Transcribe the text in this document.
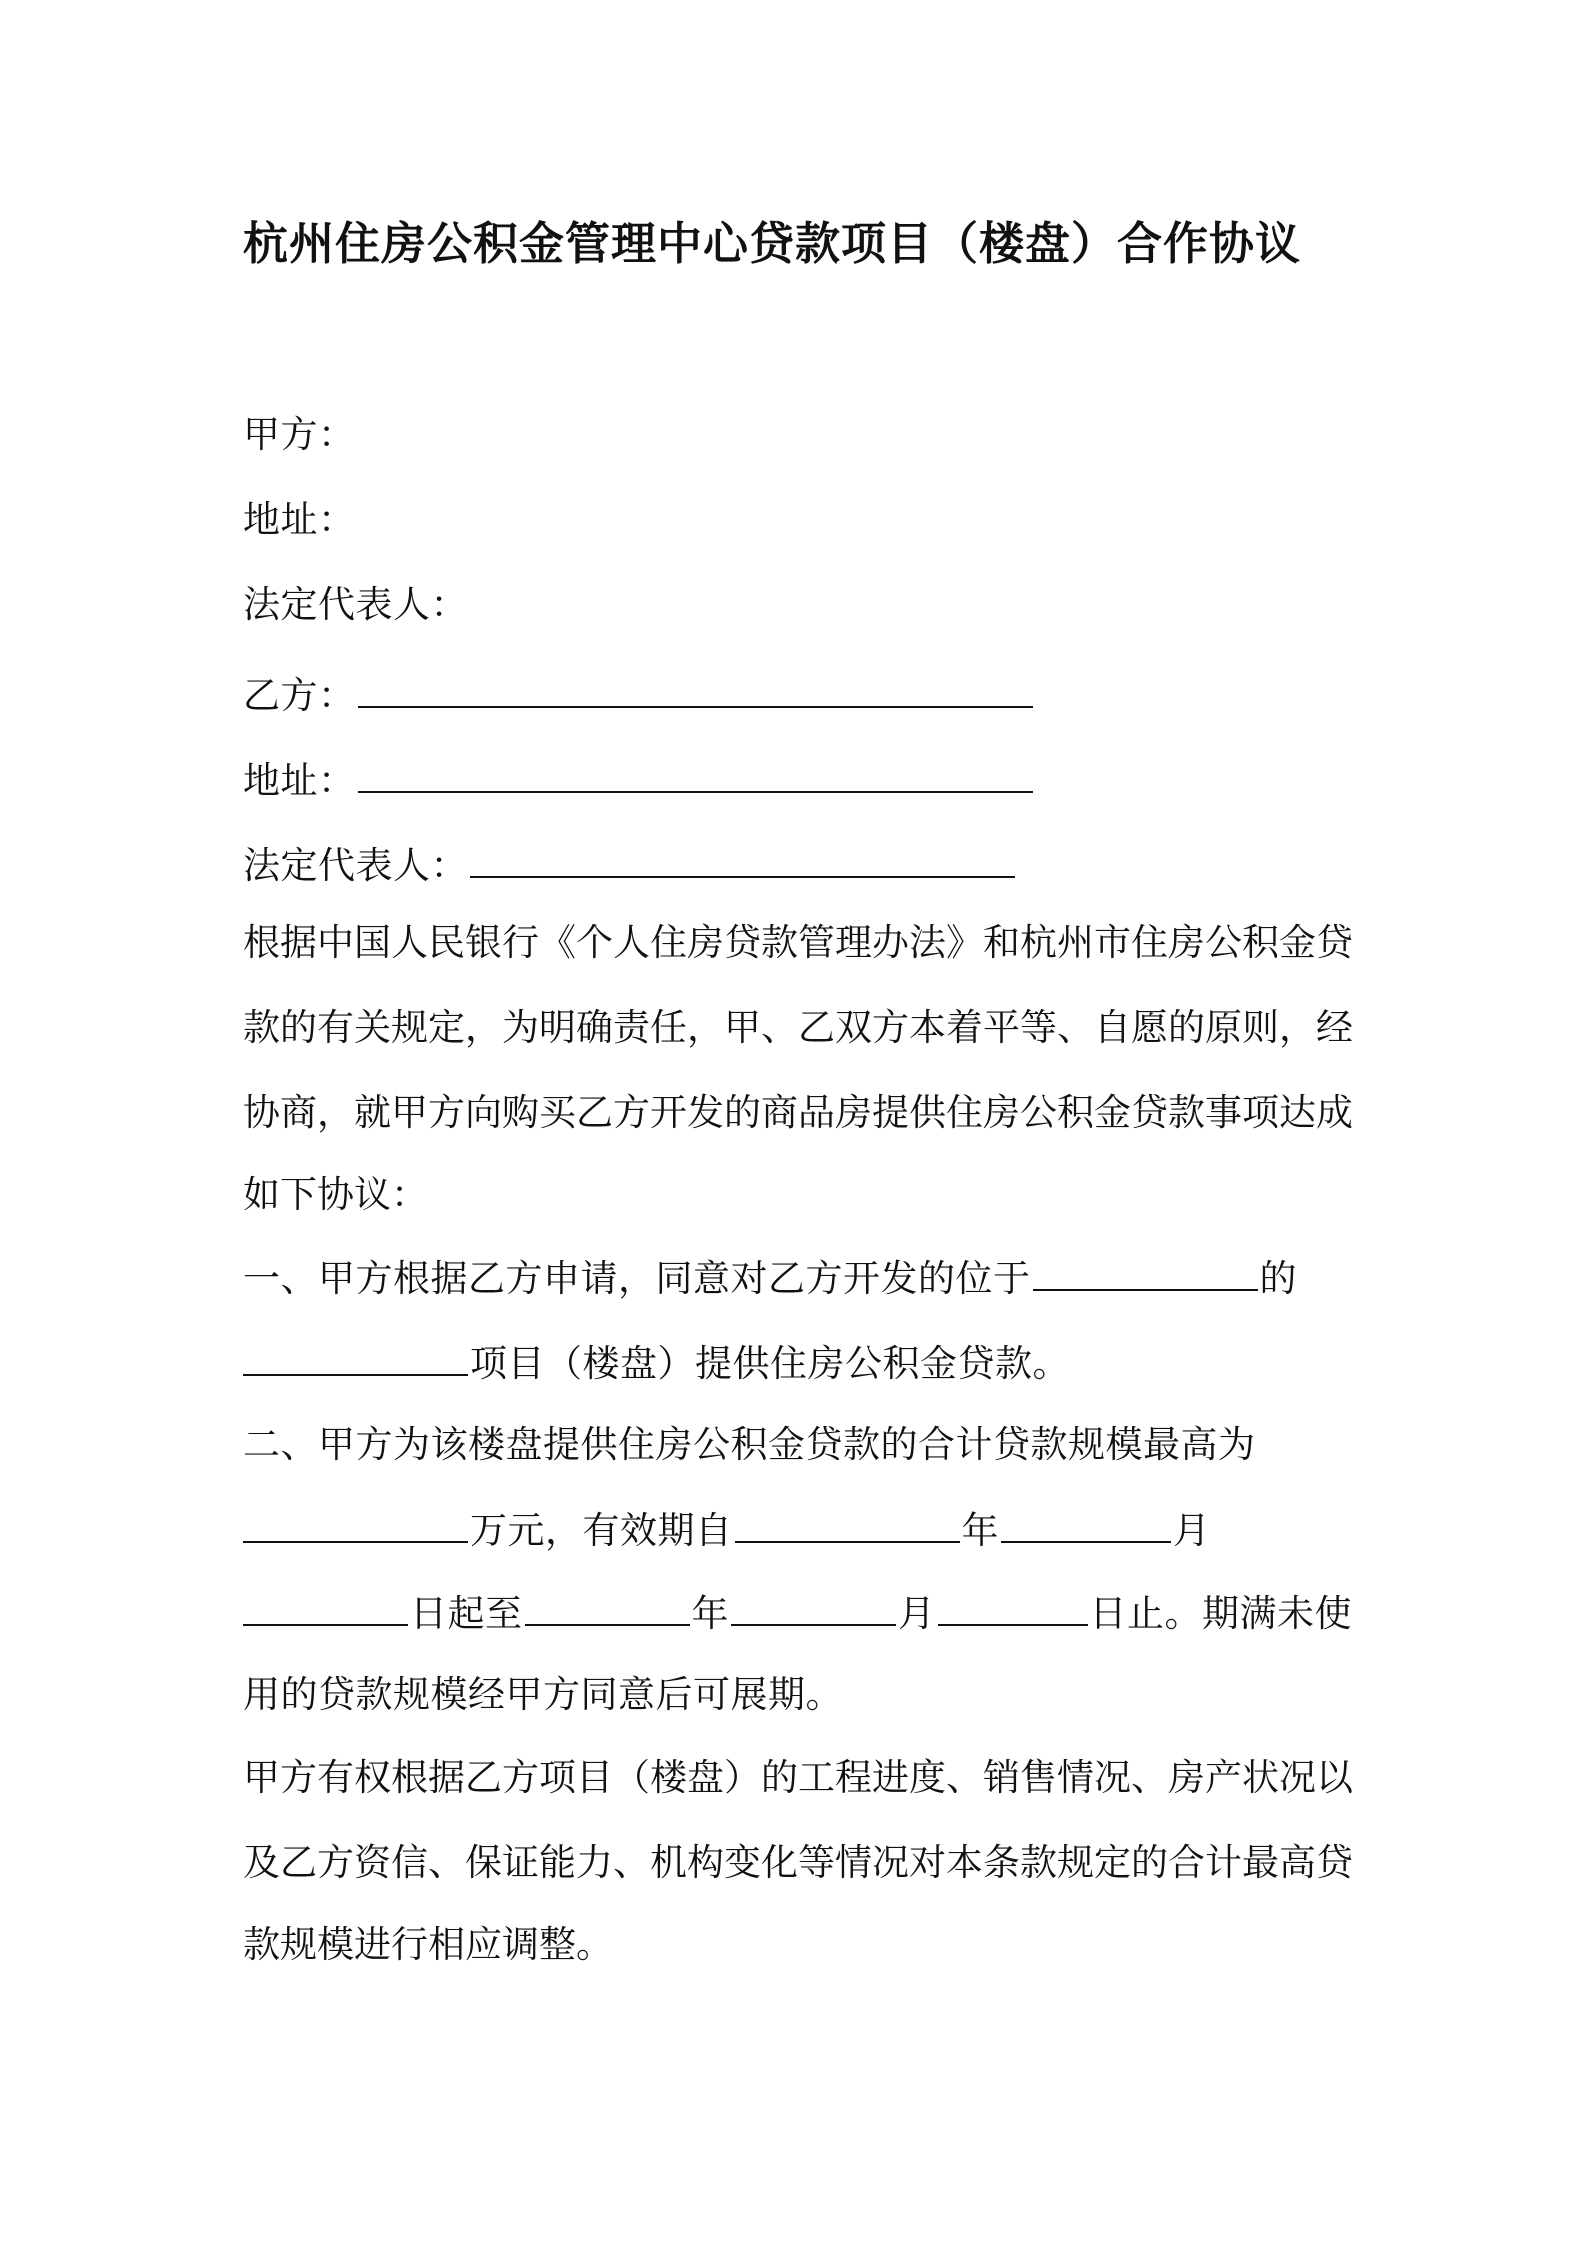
杭州住房公积金管理中心贷款项目（楼盘）合作协议
甲方：
地址：
法定代表人：
乙方：
地址：
法定代表人：
根据中国人民银行《个人住房贷款管理办法》和杭州市住房公积金贷
款的有关规定，为明确责任，甲、乙双方本着平等、自愿的原则，经
协商，就甲方向购买乙方开发的商品房提供住房公积金贷款事项达成
如下协议：
一、甲方根据乙方申请，同意对乙方开发的位于	的
项目（楼盘）提供住房公积金贷款。
二、甲方为该楼盘提供住房公积金贷款的合计贷款规模最高为
万元，有效期自	年	月
日起至	年	月	日止。期满未使
用的贷款规模经甲方同意后可展期。
甲方有权根据乙方项目（楼盘）的工程进度、销售情况、房产状况以
及乙方资信、保证能力、机构变化等情况对本条款规定的合计最高贷
款规模进行相应调整。
